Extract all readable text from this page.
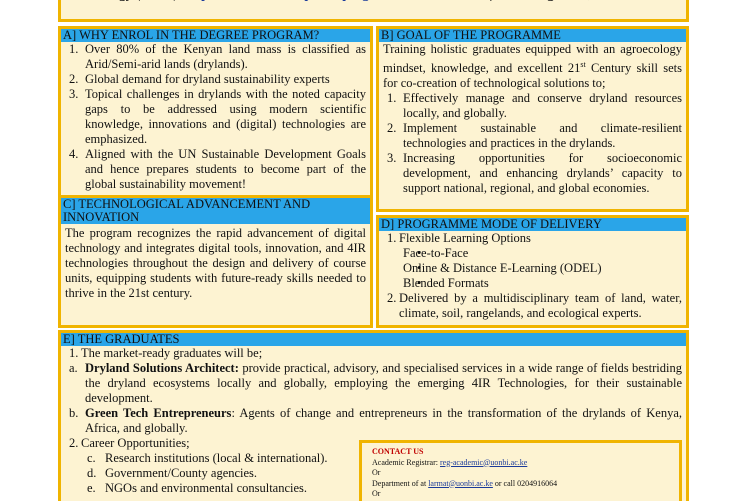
A] WHY ENROL IN THE DEGREE PROGRAM?
1. Over 80% of the Kenyan land mass is classified as Arid/Semi-arid lands (drylands).
2. Global demand for dryland sustainability experts
3. Topical challenges in drylands with the noted capacity gaps to be addressed using modern scientific knowledge, innovations and (digital) technologies are emphasized.
4. Aligned with the UN Sustainable Development Goals and hence prepares students to become part of the global sustainability movement!
B] GOAL OF THE PROGRAMME
Training holistic graduates equipped with an agroecology mindset, knowledge, and excellent 21st Century skill sets for co-creation of technological solutions to;
1. Effectively manage and conserve dryland resources locally, and globally.
2. Implement sustainable and climate-resilient technologies and practices in the drylands.
3. Increasing opportunities for socioeconomic development, and enhancing drylands’ capacity to support national, regional, and global economies.
C] TECHNOLOGICAL ADVANCEMENT AND INNOVATION
The program recognizes the rapid advancement of digital technology and integrates digital tools, innovation, and 4IR technologies throughout the design and delivery of course units, equipping students with future-ready skills needed to thrive in the 21st century.
D] PROGRAMME MODE OF DELIVERY
1. Flexible Learning Options
• Face-to-Face
• Online & Distance E-Learning (ODEL)
• Blended Formats
2. Delivered by a multidisciplinary team of land, water, climate, soil, rangelands, and ecological experts.
E] THE GRADUATES
1. The market-ready graduates will be;
a. Dryland Solutions Architect: provide practical, advisory, and specialised services in a wide range of fields bestriding the dryland ecosystems locally and globally, employing the emerging 4IR Technologies, for their sustainable development.
b. Green Tech Entrepreneurs: Agents of change and entrepreneurs in the transformation of the drylands of Kenya, Africa, and globally.
2. Career Opportunities;
c. Research institutions (local & international).
d. Government/County agencies.
e. NGOs and environmental consultancies.
CONTACT US
Academic Registrar: reg-academic@uonbi.ac.ke
Or
Department of at larmat@uonbi.ac.ke or call 0204916064
Or
